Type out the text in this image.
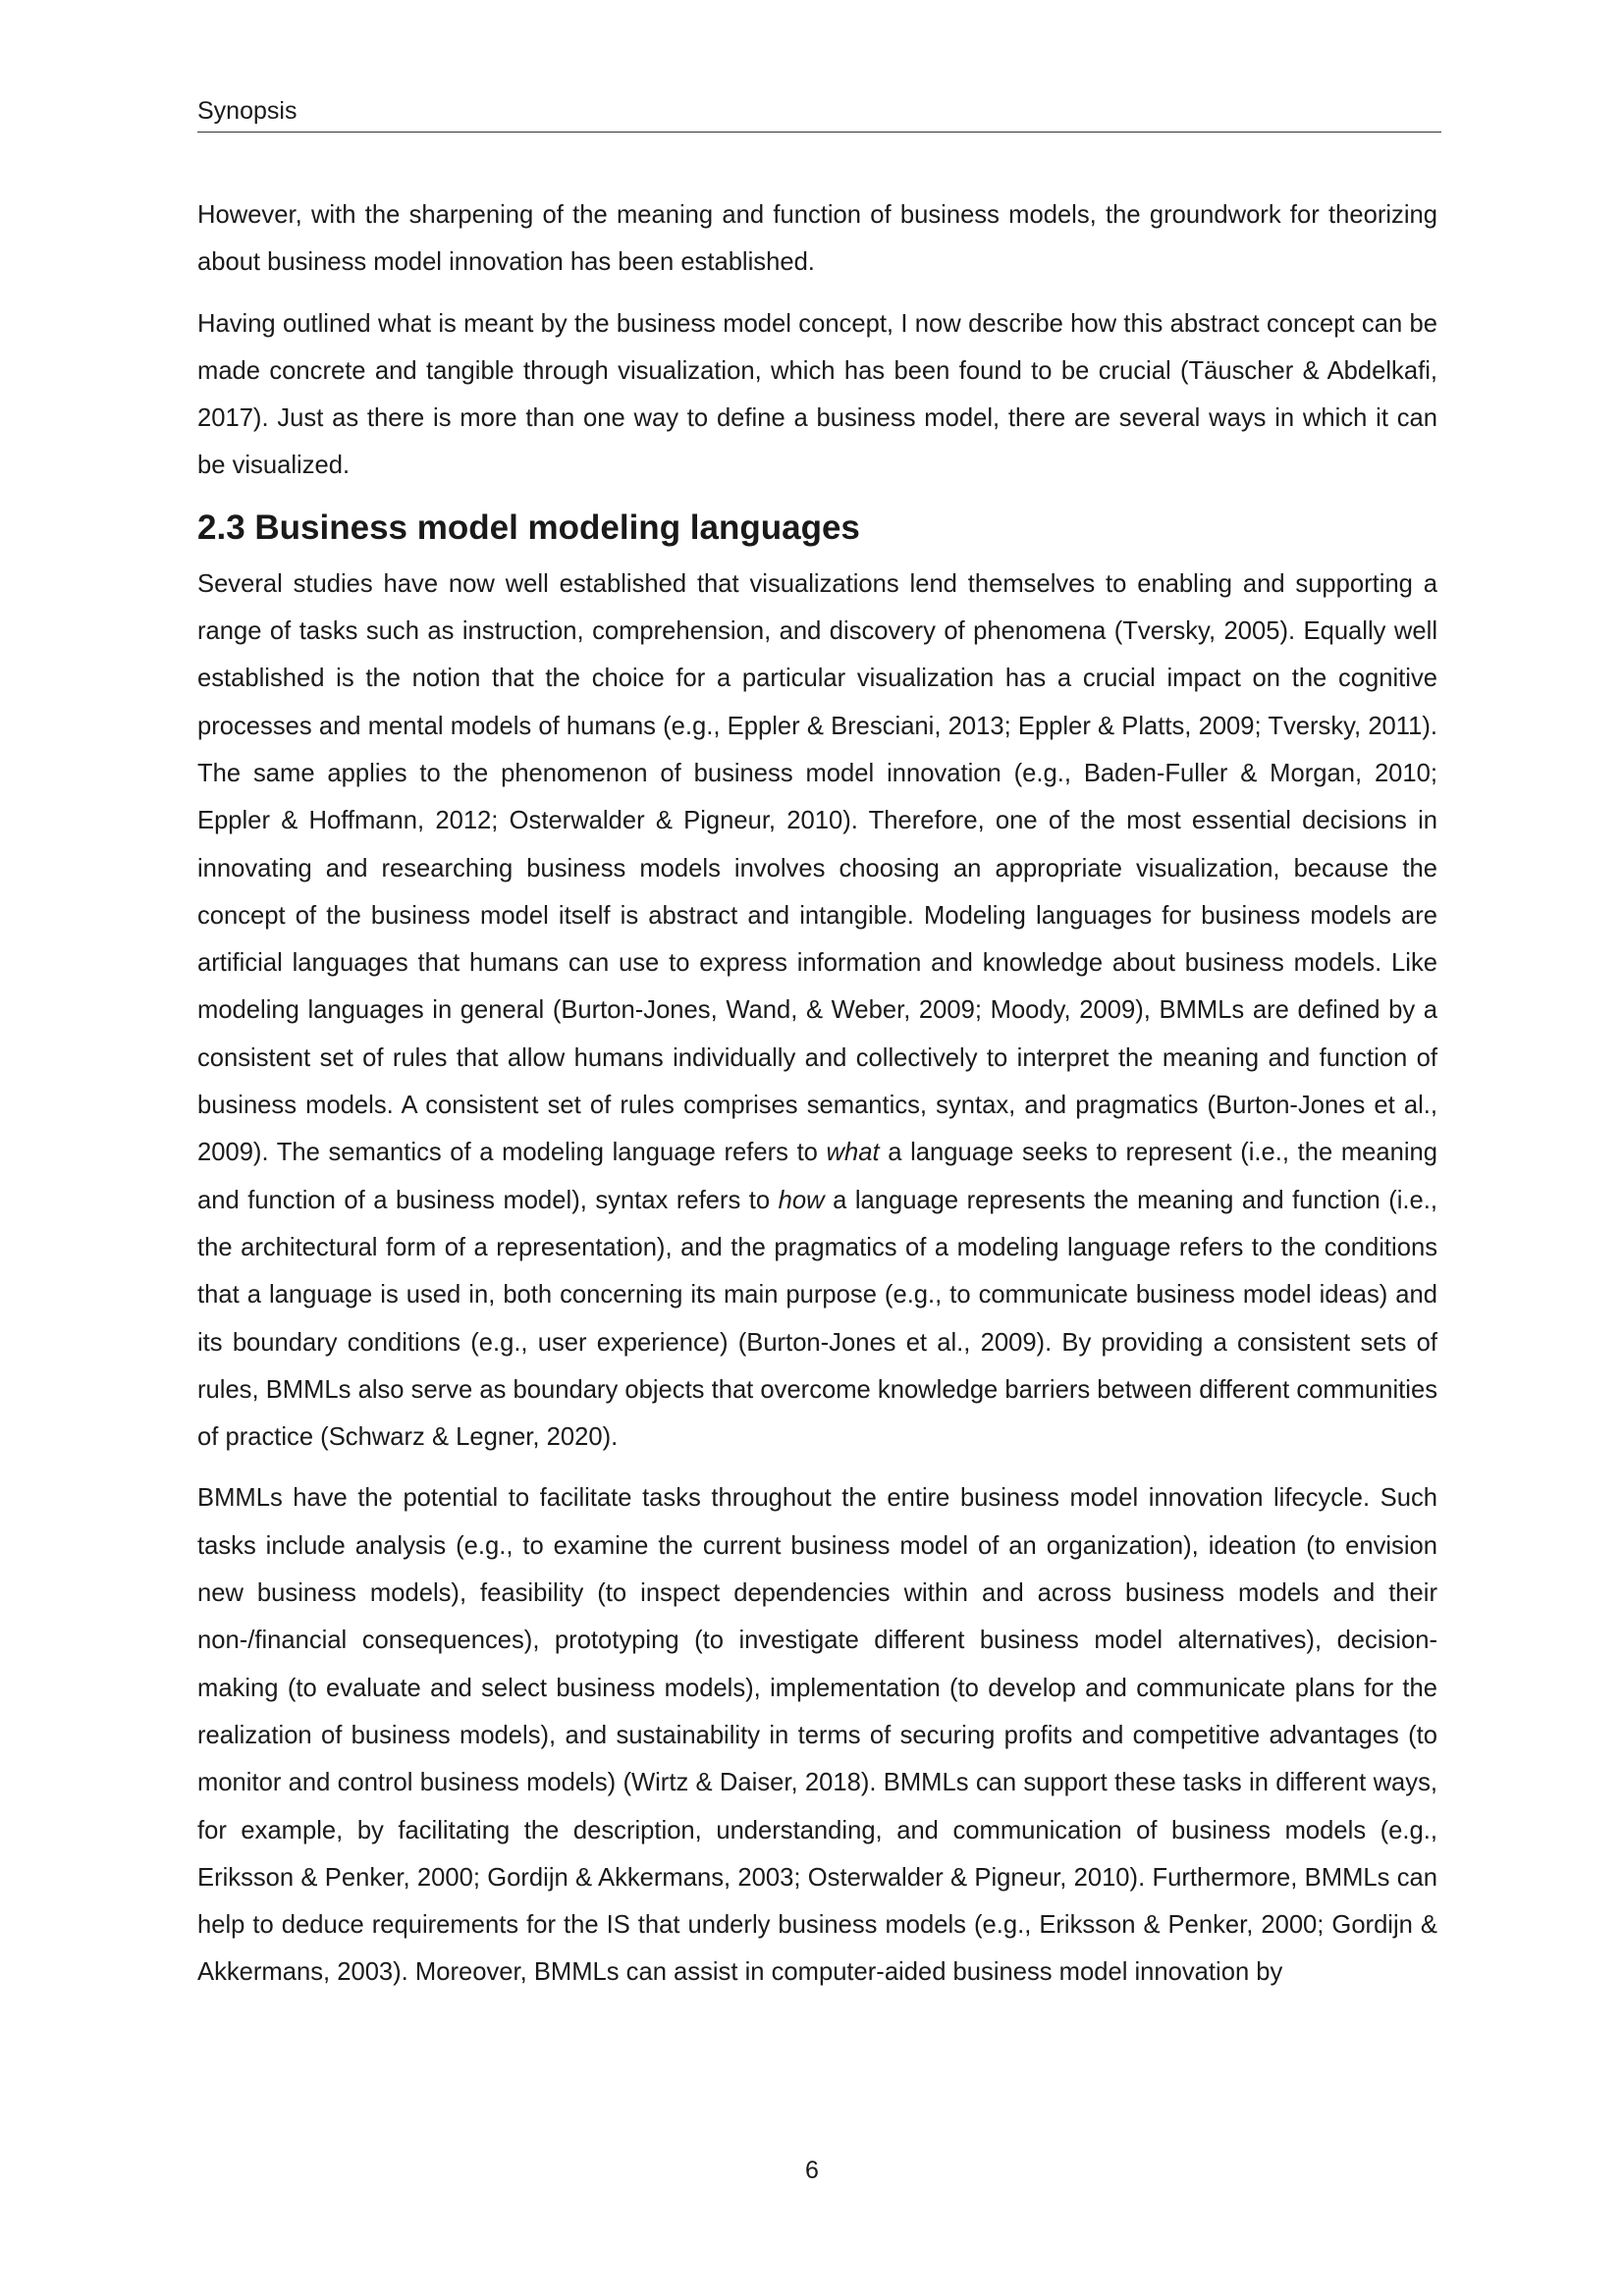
Synopsis

However, with the sharpening of the meaning and function of business models, the groundwork for theorizing about business model innovation has been established.

Having outlined what is meant by the business model concept, I now describe how this abstract concept can be made concrete and tangible through visualization, which has been found to be crucial (Täuscher & Abdelkafi, 2017). Just as there is more than one way to define a business model, there are several ways in which it can be visualized.

2.3 Business model modeling languages

Several studies have now well established that visualizations lend themselves to enabling and supporting a range of tasks such as instruction, comprehension, and discovery of phenomena (Tversky, 2005). Equally well established is the notion that the choice for a particular visualization has a crucial impact on the cognitive processes and mental models of humans (e.g., Eppler & Bresciani, 2013; Eppler & Platts, 2009; Tversky, 2011). The same applies to the phenomenon of business model innovation (e.g., Baden-Fuller & Morgan, 2010; Eppler & Hoffmann, 2012; Osterwalder & Pigneur, 2010). Therefore, one of the most essential decisions in innovating and researching business models involves choosing an appropriate visualization, because the concept of the business model itself is abstract and intangible. Modeling languages for business models are artificial languages that humans can use to express information and knowledge about business models. Like modeling languages in general (Burton-Jones, Wand, & Weber, 2009; Moody, 2009), BMMLs are defined by a consistent set of rules that allow humans individually and collectively to interpret the meaning and function of business models. A consistent set of rules comprises semantics, syntax, and pragmatics (Burton-Jones et al., 2009). The semantics of a modeling language refers to what a language seeks to represent (i.e., the meaning and function of a business model), syntax refers to how a language represents the meaning and function (i.e., the architectural form of a representation), and the pragmatics of a modeling language refers to the conditions that a language is used in, both concerning its main purpose (e.g., to communicate business model ideas) and its boundary conditions (e.g., user experience) (Burton-Jones et al., 2009). By providing a consistent sets of rules, BMMLs also serve as boundary objects that overcome knowledge barriers between different communities of practice (Schwarz & Legner, 2020).

BMMLs have the potential to facilitate tasks throughout the entire business model innovation lifecycle. Such tasks include analysis (e.g., to examine the current business model of an organization), ideation (to envision new business models), feasibility (to inspect dependencies within and across business models and their non-/financial consequences), prototyping (to investigate different business model alternatives), decision-making (to evaluate and select business models), implementation (to develop and communicate plans for the realization of business models), and sustainability in terms of securing profits and competitive advantages (to monitor and control business models) (Wirtz & Daiser, 2018). BMMLs can support these tasks in different ways, for example, by facilitating the description, understanding, and communication of business models (e.g., Eriksson & Penker, 2000; Gordijn & Akkermans, 2003; Osterwalder & Pigneur, 2010). Furthermore, BMMLs can help to deduce requirements for the IS that underly business models (e.g., Eriksson & Penker, 2000; Gordijn & Akkermans, 2003). Moreover, BMMLs can assist in computer-aided business model innovation by

6
